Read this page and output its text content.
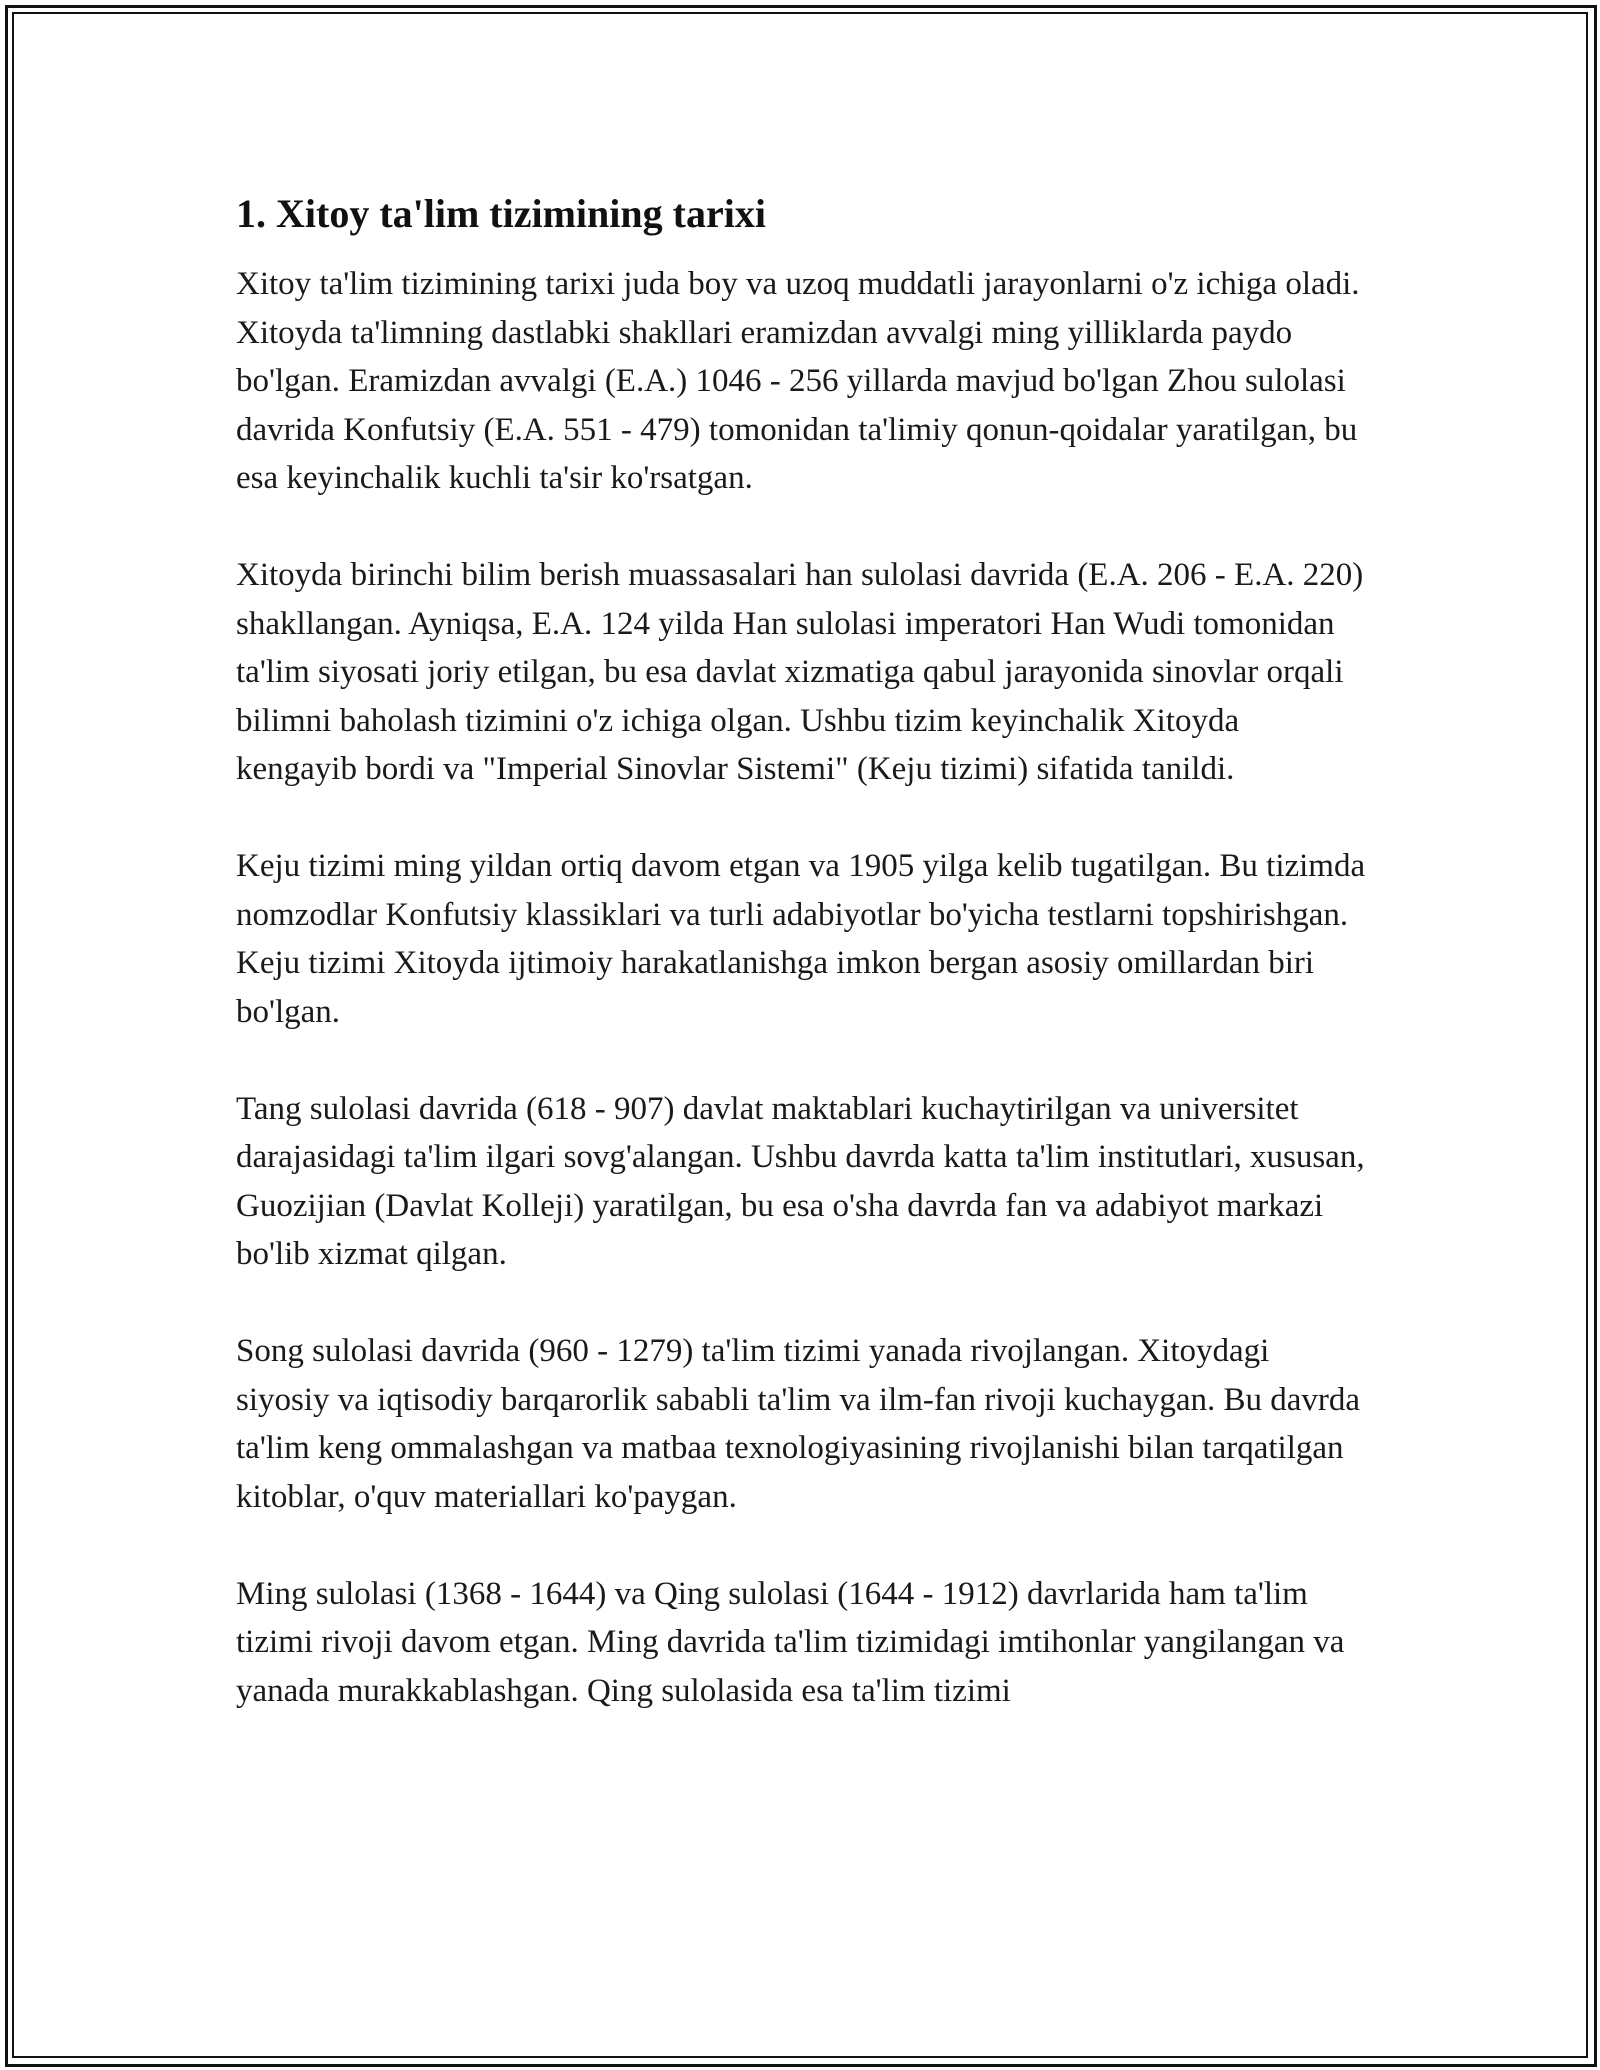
1. Xitoy ta'lim tizimining tarixi

Xitoy ta'lim tizimining tarixi juda boy va uzoq muddatli jarayonlarni o'z ichiga oladi. Xitoyda ta'limning dastlabki shakllari eramizdan avvalgi ming yilliklarda paydo bo'lgan. Eramizdan avvalgi (E.A.) 1046 - 256 yillarda mavjud bo'lgan Zhou sulolasi davrida Konfutsiy (E.A. 551 - 479) tomonidan ta'limiy qonun-qoidalar yaratilgan, bu esa keyinchalik kuchli ta'sir ko'rsatgan.

Xitoyda birinchi bilim berish muassasalari han sulolasi davrida (E.A. 206 - E.A. 220) shakllangan. Ayniqsa, E.A. 124 yilda Han sulolasi imperatori Han Wudi tomonidan ta'lim siyosati joriy etilgan, bu esa davlat xizmatiga qabul jarayonida sinovlar orqali bilimni baholash tizimini o'z ichiga olgan. Ushbu tizim keyinchalik Xitoyda kengayib bordi va "Imperial Sinovlar Sistemi" (Keju tizimi) sifatida tanildi.

Keju tizimi ming yildan ortiq davom etgan va 1905 yilga kelib tugatilgan. Bu tizimda nomzodlar Konfutsiy klassiklari va turli adabiyotlar bo'yicha testlarni topshirishgan. Keju tizimi Xitoyda ijtimoiy harakatlanishga imkon bergan asosiy omillardan biri bo'lgan.

Tang sulolasi davrida (618 - 907) davlat maktablari kuchaytirilgan va universitet darajasidagi ta'lim ilgari sovg'alangan. Ushbu davrda katta ta'lim institutlari, xususan, Guozijian (Davlat Kolleji) yaratilgan, bu esa o'sha davrda fan va adabiyot markazi bo'lib xizmat qilgan.

Song sulolasi davrida (960 - 1279) ta'lim tizimi yanada rivojlangan. Xitoydagi siyosiy va iqtisodiy barqarorlik sababli ta'lim va ilm-fan rivoji kuchaygan. Bu davrda ta'lim keng ommalashgan va matbaa texnologiyasining rivojlanishi bilan tarqatilgan kitoblar, o'quv materiallari ko'paygan.

Ming sulolasi (1368 - 1644) va Qing sulolasi (1644 - 1912) davrlarida ham ta'lim tizimi rivoji davom etgan. Ming davrida ta'lim tizimidagi imtihonlar yangilangan va yanada murakkablashgan. Qing sulolasida esa ta'lim tizimi
